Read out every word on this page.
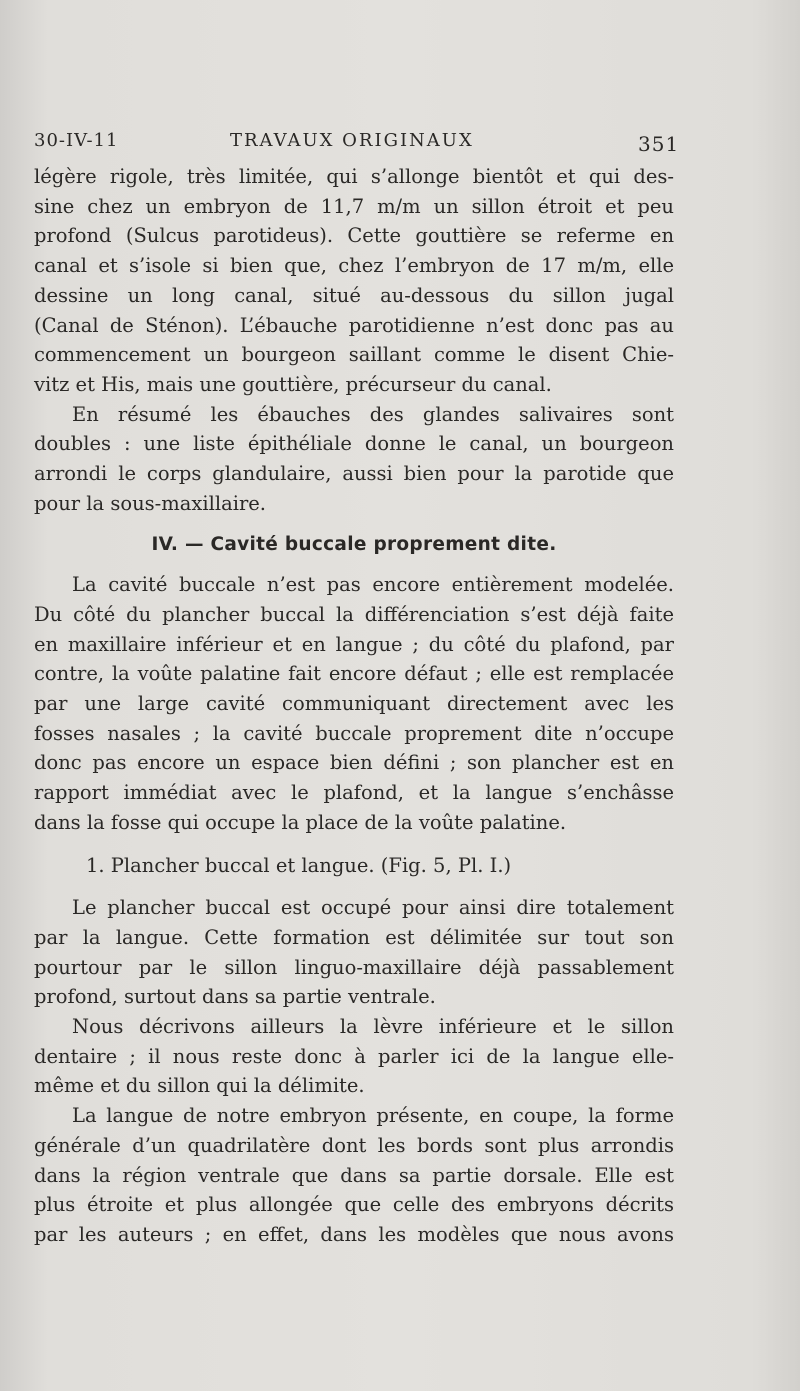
30-IV-11	TRAVAUX ORIGINAUX	351
légère rigole, très limitée, qui s’allonge bientôt et qui des-
sine chez un embryon de 11,7 m/m un sillon étroit et peu
profond (Sulcus parotideus). Cette gouttière se referme en
canal et s’isole si bien que, chez l’embryon de 17 m/m, elle
dessine un long canal, situé au-dessous du sillon jugal
(Canal de Sténon). L’ébauche parotidienne n’est donc pas au
commencement un bourgeon saillant comme le disent Chie-
vitz et His, mais une gouttière, précurseur du canal.
En résumé les ébauches des glandes salivaires sont
doubles : une liste épithéliale donne le canal, un bourgeon
arrondi le corps glandulaire, aussi bien pour la parotide que
pour la sous-maxillaire.
IV. — Cavité buccale proprement dite.
La cavité buccale n’est pas encore entièrement modelée.
Du côté du plancher buccal la différenciation s’est déjà faite
en maxillaire inférieur et en langue ; du côté du plafond, par
contre, la voûte palatine fait encore défaut ; elle est remplacée
par une large cavité communiquant directement avec les
fosses nasales ; la cavité buccale proprement dite n’occupe
donc pas encore un espace bien défini ; son plancher est en
rapport immédiat avec le plafond, et la langue s’enchâsse
dans la fosse qui occupe la place de la voûte palatine.
1. Plancher buccal et langue. (Fig. 5, Pl. I.)
Le plancher buccal est occupé pour ainsi dire totalement
par la langue. Cette formation est délimitée sur tout son
pourtour par le sillon linguo-maxillaire déjà passablement
profond, surtout dans sa partie ventrale.
Nous décrivons ailleurs la lèvre inférieure et le sillon
dentaire ; il nous reste donc à parler ici de la langue elle-
même et du sillon qui la délimite.
La langue de notre embryon présente, en coupe, la forme
générale d’un quadrilatère dont les bords sont plus arrondis
dans la région ventrale que dans sa partie dorsale. Elle est
plus étroite et plus allongée que celle des embryons décrits
par les auteurs ; en effet, dans les modèles que nous avons
